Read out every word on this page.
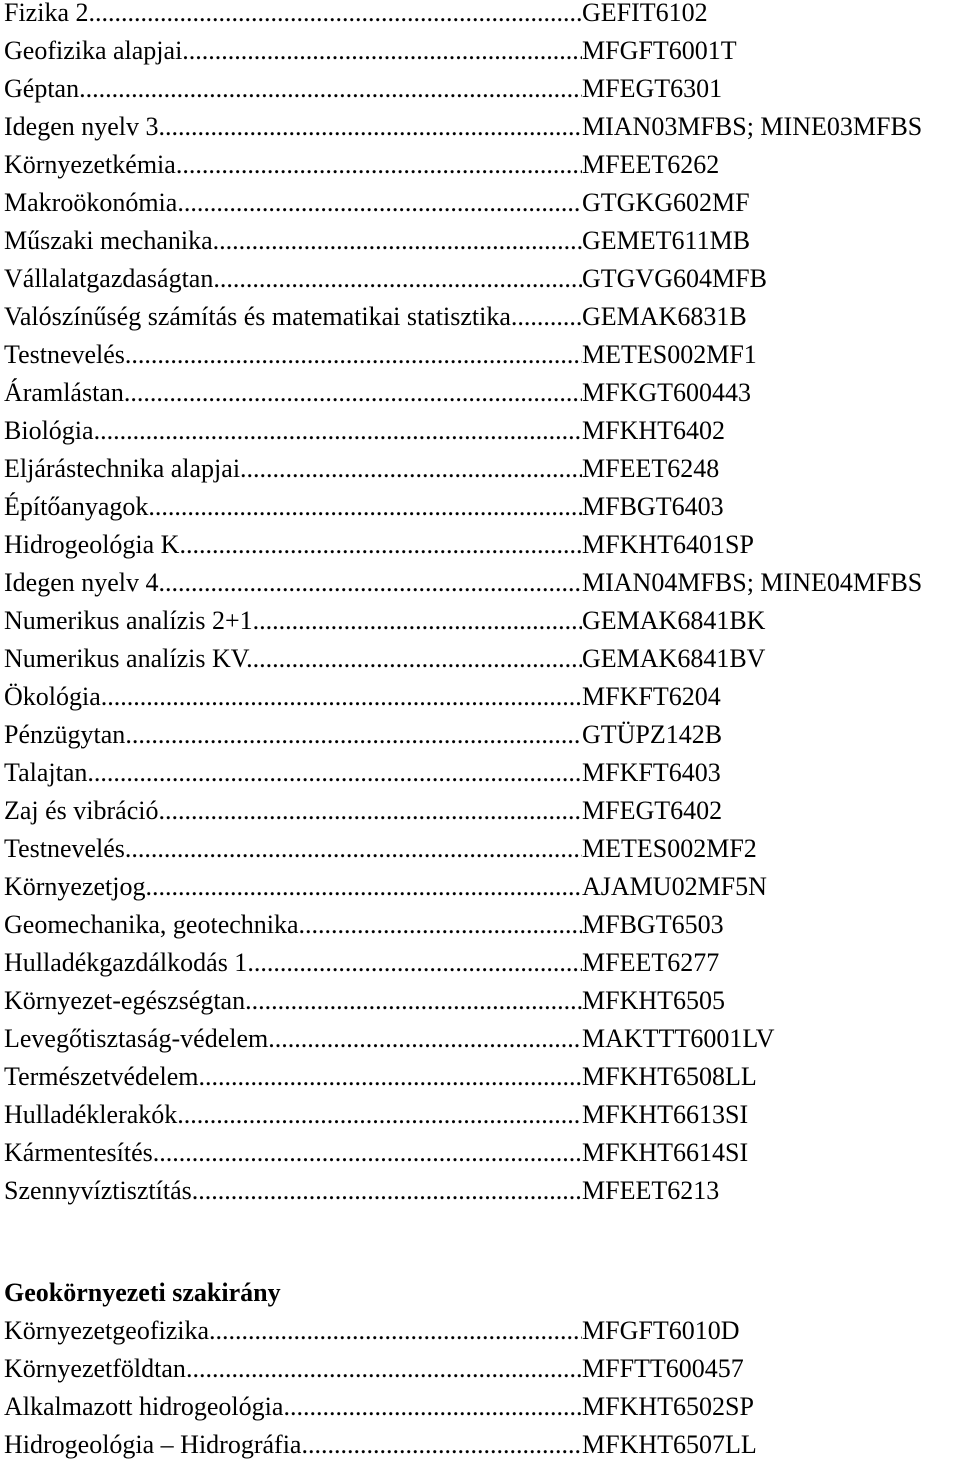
Fizika 2 .....	GEFIT6102
Geofizika alapjai .....	MFGFT6001T
Géptan .....	MFEGT6301
Idegen nyelv 3. .....	MIAN03MFBS; MINE03MFBS
Környezetkémia .....	MFEET6262
Makroökonómia .....	GTGKG602MF
Műszaki mechanika .....	GEMET611MB
Vállalatgazdaságtan .....	GTGVG604MFB
Valószínűség számítás és matematikai statisztika .....	GEMAK6831B
Testnevelés .....	METES002MF1
Áramlástan .....	MFKGT600443
Biológia .....	MFKHT6402
Eljárástechnika alapjai .....	MFEET6248
Építőanyagok .....	MFBGT6403
Hidrogeológia K .....	MFKHT6401SP
Idegen nyelv 4 .....	MIAN04MFBS; MINE04MFBS
Numerikus analízis 2+1 .....	GEMAK6841BK
Numerikus analízis KV .....	GEMAK6841BV
Ökológia .....	MFKFT6204
Pénzügytan .....	GTÜPZ142B
Talajtan .....	MFKFT6403
Zaj és vibráció .....	MFEGT6402
Testnevelés .....	METES002MF2
Környezetjog .....	AJAMU02MF5N
Geomechanika, geotechnika .....	MFBGT6503
Hulladékgazdálkodás 1 .....	MFEET6277
Környezet-egészségtan .....	MFKHT6505
Levegőtisztaság-védelem .....	MAKTTT6001LV
Természetvédelem .....	MFKHT6508LL
Hulladéklerakók .....	MFKHT6613SI
Kármentesítés .....	MFKHT6614SI
Szennyvíztisztítás .....	MFEET6213
Geokörnyezeti szakirány
Környezetgeofizika .....	MFGFT6010D
Környezetföldtan .....	MFFTT600457
Alkalmazott hidrogeológia .....	MFKHT6502SP
Hidrogeológia – Hidrográfia .....	MFKHT6507LL
